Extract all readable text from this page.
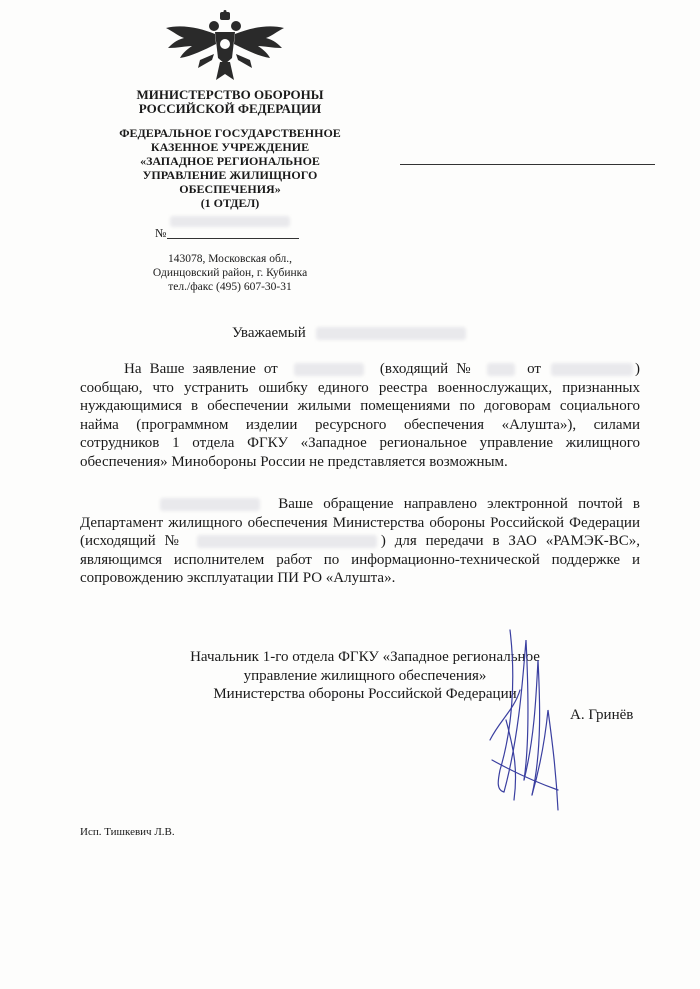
МИНИСТЕРСТВО ОБОРОНЫ
РОССИЙСКОЙ ФЕДЕРАЦИИ
ФЕДЕРАЛЬНОЕ ГОСУДАРСТВЕННОЕ
КАЗЕННОЕ УЧРЕЖДЕНИЕ
«ЗАПАДНОЕ РЕГИОНАЛЬНОЕ
УПРАВЛЕНИЕ ЖИЛИЩНОГО
ОБЕСПЕЧЕНИЯ»
(1 ОТДЕЛ)
№
143078, Московская обл.,
Одинцовский район, г. Кубинка
тел./факс (495) 607-30-31
Уважаемый
На Ваше заявление от	(входящий №	от	) сообщаю, что устранить ошибку единого реестра военнослужащих, признанных нуждающимися в обеспечении жилыми помещениями по договорам социального найма (программном изделии ресурсного обеспечения «Алушта»), силами сотрудников 1 отдела ФГКУ «Западное региональное управление жилищного обеспечения» Минобороны России не представляется возможным.
Ваше обращение направлено электронной почтой в Департамент жилищного обеспечения Министерства обороны Российской Федерации (исходящий №	) для передачи в ЗАО «РАМЭК-ВС», являющимся исполнителем работ по информационно-технической поддержке и сопровождению эксплуатации ПИ РО «Алушта».
Начальник 1-го отдела ФГКУ «Западное региональное
управление жилищного обеспечения»
Министерства обороны Российской Федерации
А. Гринёв
Исп. Тишкевич Л.В.
